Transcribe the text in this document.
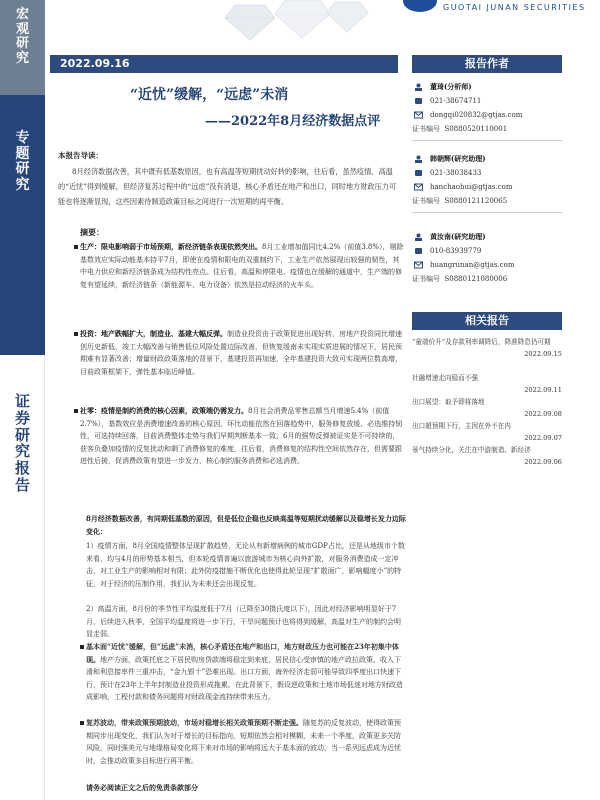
宏
观
研
究
专
题
研
究
证
券
研
究
报
告
GUOTAI JUNAN SECURITIES
2022.09.16	报告作者
“近忧”缓解，“远虑”未消
——2022年8月经济数据点评
本报告导读：
8月经济数据改善，其中既有低基数原因，也有高温等短期扰动好转的影响，往后看，虽然疫情、高温的“近忧”得到缓解，但经济复苏过程中的“远虑”没有消退，核心矛盾还在地产和出口，同时地方财政压力可能也将逐渐显现，这些因素待制造政策目标之间进行一次短期的再平衡。
摘要：
生产：限电影响弱于市场预期，新经济链条表现依然突出。8月工业增加值同比4.2%（前值3.8%），剔除基数效应实际动能基本持平7月，即使在疫情和限电的双重制约下，工业生产依然展现出较强的韧性，其中电力供应和新经济链条成为结构性亮点。往后看，高温和停限电、疫情也在缓解的通道中，生产端的修复有望延续，新经济链条（新能源车、电力设备）依然是拉动经济的火车头。
投资：地产跌幅扩大，制造业、基建大幅反弹。制造业投资由于政策促进出现好转，房地产投资同比增速创历史新低，竣工大幅改善与销售低位风险处置边际改善，但恢复缓南未实现实质进展的情况下，居民预期难有显著改善；增量财政政策落地的背景下，基建投资再加速，全年基建投资大致可实现两位数高增，目前政策框架下，弹性基本临近峰值。
社零：疫情是制约消费的核心因素，政策端仍需发力。8月社会消费品零售总额当月增速5.4%（前值2.7%），基数效应是消费增速改善的核心原因，环比动能依然在回落趋势中，服务修复放缓、必选维持韧性，可选持续回落，目前消费整体走势与我们早期判断基本一致，6月的强势反弹被证实是不可持续的，获客负叠加疫情的反复扰动和剩了消费修复的难度，往后看，消费修复的结构性空间依然存在，但需要跟进性后援，促消费政策有望进一步发力，核心制约服务消费和必选消费。
8月经济数据改善，有同期低基数的原因，但是低位企稳也反映高温等短期扰动缓解以及稳增长发力边际变化：
1）疫情方面，8月全国疫情整体呈现扩散趋势，无论从有新增病例的城市GDP占比，还是从地级市个数来看，均与4月的形势基本相当，但本轮疫情普遍以旅游城市为核心向外扩散，对服务消费造成一定冲击，对工业生产的影响相对有限；此外防疫措施不断优化也使得此轮呈现“扩散面广，影响幅度小”的特征，对于经济的压制作用，我们认为未来还会出现反复。
2）高温方面，8月份的季节性平均温度低于7月（已降至30摄氏度以下），因此对经济影响明显好于7月，后续进入秋季，全国平均温度将进一步下行，干旱问题预计也将得到缓解，高温对生产的制约会明显走弱。
基本面“近忧”缓解，但“远虑”未消，核心矛盾还在地产和出口，地方财政压力也可能在23年初集中体现。地产方面，政策托底之下居民购房贷款端将稳定到来底，居民信心受审慎的地产政拉政策、收入下滑和利息接率件三重冲击，“金九银十”恐难出现。出口方面，海外经济走弱可能导致四季度出口快速下行，预计在23年上半年封制造业投资形成拖累。在此背景下，假设逆政策和土地市场低迷对地方财政造成影响，工程付款和债务问题将对财政现金流持续带来压力。
复苏波动，带来政策预期波动，市场对稳增长相关政策预期不断走强。随复苏的反复波动，使得政策预期同步出现变化，我们认为对于增长的目标指向，短期依然会相对模糊，未来一个季度，政策更多关防风险，同时强美元与地缘格局变化将下来对市场的影响将远大于基本面的波动，当一系列远虑成为近忧时，会推动政策多目标进行再平衡。
请务必阅读正文之后的免责条款部分
董琦(分析师)
021-38674711
dongqi020832@gtjas.com
证书编号 S0880520110001
韩朝辉(研究助理)
021-38038433
hanchaohui@gtjas.com
证书编号 S0880121120065
黄汝南(研究助理)
010-83939779
huangrunan@gtjas.com
证书编号 S0880121080006
相关报告
“童端价升”及存款利率调降后，降准降息仍可期
2022.09.15
社融增速走向稳而不强
2022.09.11
出口展望：取予即将落地
2022.09.08
出口超预期下行，主因在外不在内
2022.09.07
景气持续分化，关注在中游制造、新经济
2022.09.06
